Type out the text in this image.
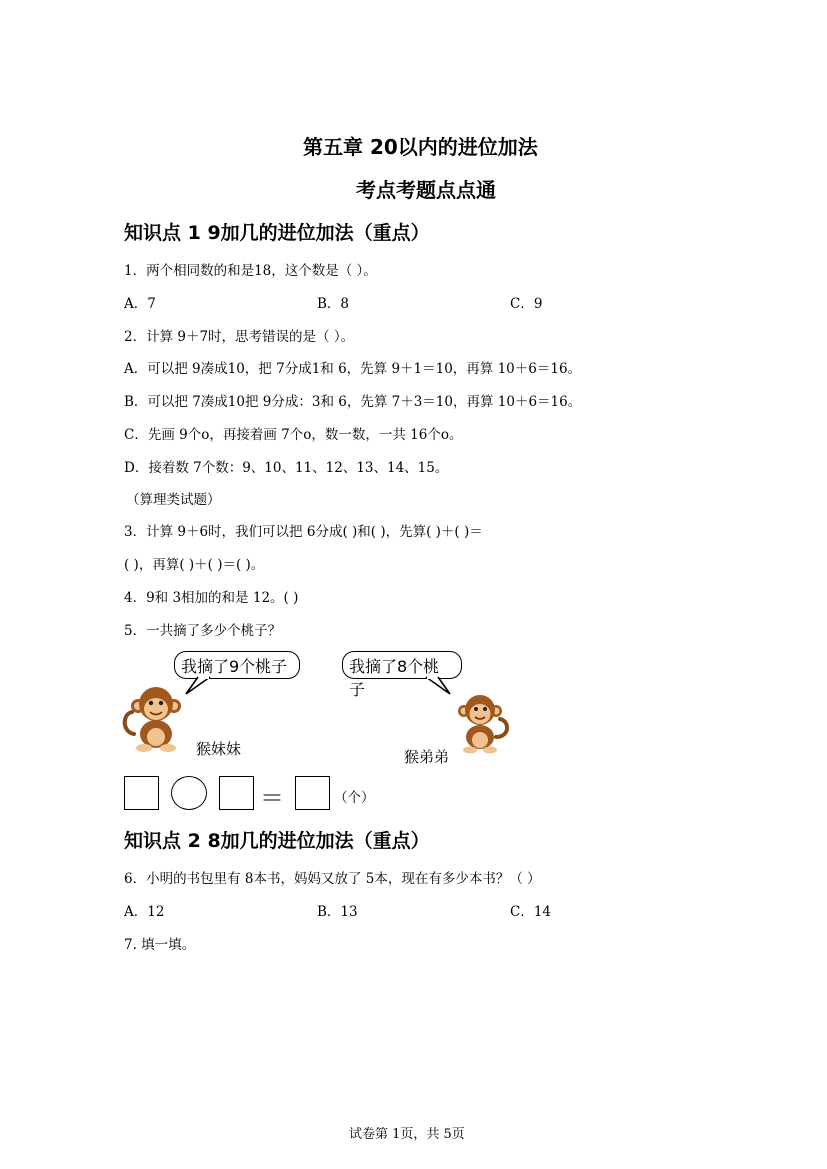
第五章 20以内的进位加法
考点考题点点通
知识点 1 9加几的进位加法（重点）
1．两个相同数的和是18，这个数是（ ）。
A．7	B．8	C．9
2．计算 9＋7时，思考错误的是（ ）。
A．可以把 9凑成10，把 7分成1和 6，先算 9＋1＝10，再算 10＋6＝16。
B．可以把 7凑成10把 9分成：3和 6，先算 7＋3＝10，再算 10＋6＝16。
C．先画 9个o，再接着画 7个o，数一数，一共 16个o。
D．接着数 7个数：9、10、11、12、13、14、15。
（算理类试题）
3．计算 9＋6时，我们可以把 6分成( )和( )，先算( )＋( )＝
( )，再算( )＋( )＝( )。
4．9和 3相加的和是 12。( )
5．一共摘了多少个桃子？
我摘了9个桃子	我摘了8个桃子
猴妹妹	猴弟弟
＝	（个）
知识点 2 8加几的进位加法（重点）
6．小明的书包里有 8本书，妈妈又放了 5本，现在有多少本书？（ ）
A．12	B．13	C．14
7. 填一填。
试卷第 1页，共 5页
